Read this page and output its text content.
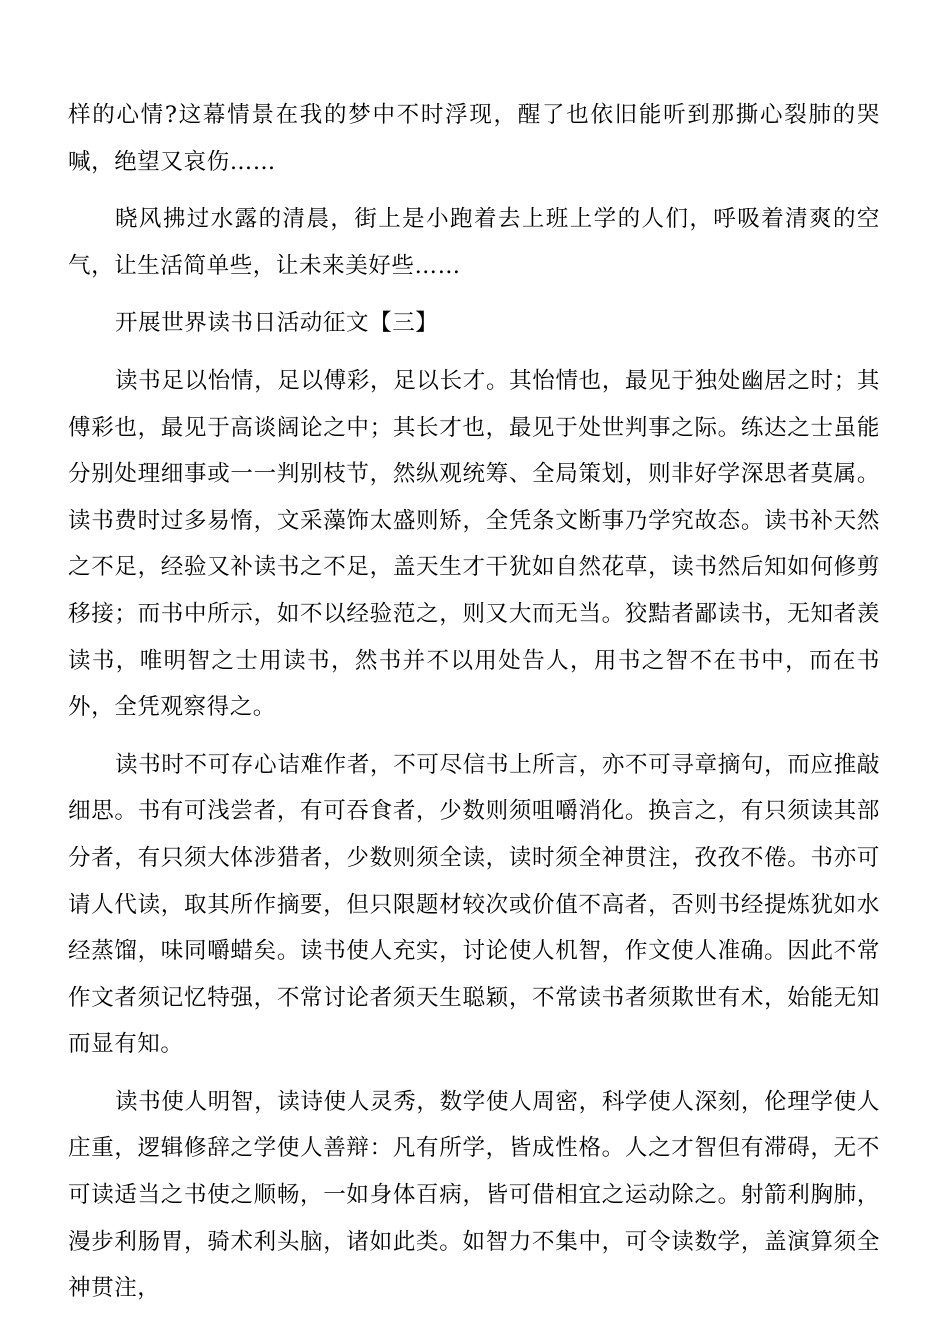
样的心情?这幕情景在我的梦中不时浮现，醒了也依旧能听到那撕心裂肺的哭喊，绝望又哀伤……

晓风拂过水露的清晨，街上是小跑着去上班上学的人们，呼吸着清爽的空气，让生活简单些，让未来美好些……

开展世界读书日活动征文【三】

读书足以怡情，足以傅彩，足以长才。其怡情也，最见于独处幽居之时；其傅彩也，最见于高谈阔论之中；其长才也，最见于处世判事之际。练达之士虽能分别处理细事或一一判别枝节，然纵观统筹、全局策划，则非好学深思者莫属。读书费时过多易惰，文采藻饰太盛则矫，全凭条文断事乃学究故态。读书补天然之不足，经验又补读书之不足，盖天生才干犹如自然花草，读书然后知如何修剪移接；而书中所示，如不以经验范之，则又大而无当。狡黠者鄙读书，无知者羡读书，唯明智之士用读书，然书并不以用处告人，用书之智不在书中，而在书外，全凭观察得之。

读书时不可存心诘难作者，不可尽信书上所言，亦不可寻章摘句，而应推敲细思。书有可浅尝者，有可吞食者，少数则须咀嚼消化。换言之，有只须读其部分者，有只须大体涉猎者，少数则须全读，读时须全神贯注，孜孜不倦。书亦可请人代读，取其所作摘要，但只限题材较次或价值不高者，否则书经提炼犹如水经蒸馏，味同嚼蜡矣。读书使人充实，讨论使人机智，作文使人准确。因此不常作文者须记忆特强，不常讨论者须天生聪颖，不常读书者须欺世有术，始能无知而显有知。

读书使人明智，读诗使人灵秀，数学使人周密，科学使人深刻，伦理学使人庄重，逻辑修辞之学使人善辩：凡有所学，皆成性格。人之才智但有滞碍，无不可读适当之书使之顺畅，一如身体百病，皆可借相宜之运动除之。射箭利胸肺，漫步利肠胃，骑术利头脑，诸如此类。如智力不集中，可令读数学，盖演算须全神贯注，
